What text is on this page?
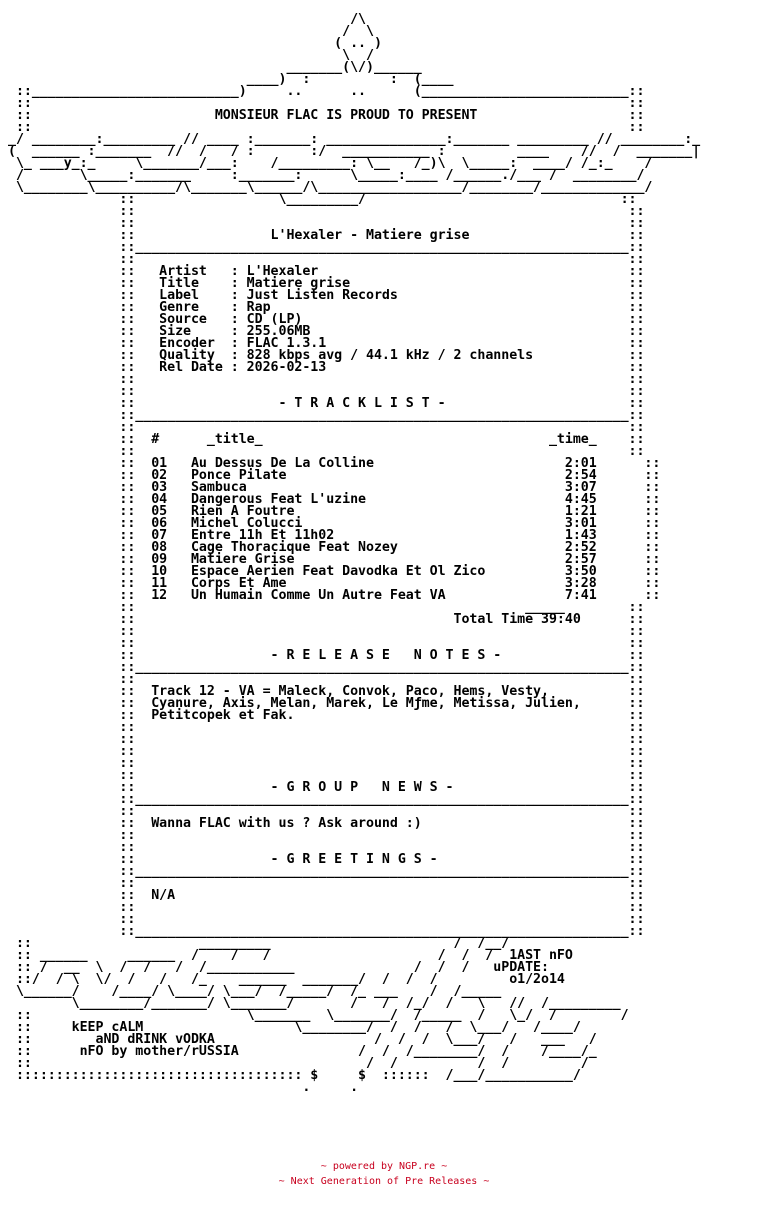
/\
/  \
( .. )
\  /
_______(\/)______
____)  :          :  (____
::__________________________)     ..      ..      (__________________________::
::                                                                           ::
::                       MONSIEUR FLAC IS PROUD TO PRESENT                   ::
::                                                                           ::
_/ ________:_________ // ____ :_______: _______________:_______ _________ // ________:_
(  ______ :_______  //  /   / :       :/  ___________ :         ____    //  /  _______|
\_ ___y_:_     \_______/___:    /_________: \__   /_)\  \_____:  ____/ /_:_    /
/       \_____:_______     :_______:      \_____:____ /______./___ /  ________/
\________\__________/\_______\______/\__________________/________/_____________/
::                  \_________/                                ::
::                                                              ::
::                                                              ::
::                 L'Hexaler - Matiere grise                    ::
::______________________________________________________________::
::                                                              ::
::   Artist   : L'Hexaler                                       ::
::   Title    : Matiere grise                                   ::
::   Label    : Just Listen Records                             ::
::   Genre    : Rap                                             ::
::   Source   : CD (LP)                                         ::
::   Size     : 255.06MB                                        ::
::   Encoder  : FLAC 1.3.1                                      ::
::   Quality  : 828 kbps avg / 44.1 kHz / 2 channels            ::
::   Rel Date : 2026-02-13                                      ::
::                                                              ::
::                                                              ::
::                  - T R A C K L I S T -                       ::
::______________________________________________________________::
::                                                              ::
::  #      _title_                                    _time_    ::
::                                                              ::
::  01   Au Dessus De La Colline                        2:01      ::
::  02   Ponce Pilate                                   2:54      ::
::  03   Sambuca                                        3:07      ::
::  04   Dangerous Feat L'uzine                         4:45      ::
::  05   Rien A Foutre                                  1:21      ::
::  06   Michel Colucci                                 3:01      ::
::  07   Entre 11h Et 11h02                             1:43      ::
::  08   Cage Thoracique Feat Nozey                     2:52      ::
::  09   Matiere Grise                                  2:57      ::
::  10   Espace Aerien Feat Davodka Et Ol Zico          3:50      ::
::  11   Corps Et Ame                                   3:28      ::
::  12   Un Humain Comme Un Autre Feat VA               7:41      ::
::                                                 _____        ::
::                                        Total Time 39:40      ::
::                                                              ::
::                                                              ::
::                 - R E L E A S E   N O T E S -                ::
::______________________________________________________________::
::                                                              ::
::  Track 12 - VA = Maleck, Convok, Paco, Hems, Vesty,          ::
::  Cyanure, Axis, Melan, Marek, Le Mƒme, Metissa, Julien,      ::
::  Petitcopek et Fak.                                          ::
::                                                              ::
::                                                              ::
::                                                              ::
::                                                              ::
::                                                              ::
::                 - G R O U P   N E W S -                      ::
::______________________________________________________________::
::                                                              ::
::  Wanna FLAC with us ? Ask around :)                          ::
::                                                              ::
::                                                              ::
::                 - G R E E T I N G S -                        ::
::______________________________________________________________::
::                                                              ::
::  N/A                                                         ::
::                                                              ::
::                                                              ::
::______________________________________________________________::
::                     _________                       /  /__/
:: ______     ______  /    /   /                     /  /  /  1AST nFO
:: /  __  \  /  /   /  /___________               /  /  /   uPDATE:
::/  / \  \/  /   /   /_    ______  _______/  /  /  /         o1/2o14
\______/    /____/ \____/ \___/  /_____/  /_ ___    /  /_____
\________/_______/ \_______/       /   /  /_/  /   \   //  /_________
::                           \_______  \_______/  /_____  /   \_/  /        /
::     kEEP cALM                   \________/  /  /   /  \___/   /____/
::        aND dRINK vODKA                    /  /  /  \___/   /   ___   /
::      nFO by mother/rUSSIA               /  /  /________/  /    /____/_
::                                          /  /          /  /         /
:::::::::::::::::::::::::::::::::::: $     $  ::::::  /___/___________/
.     .

~ powered by NGP.re ~
~ Next Generation of Pre Releases ~
